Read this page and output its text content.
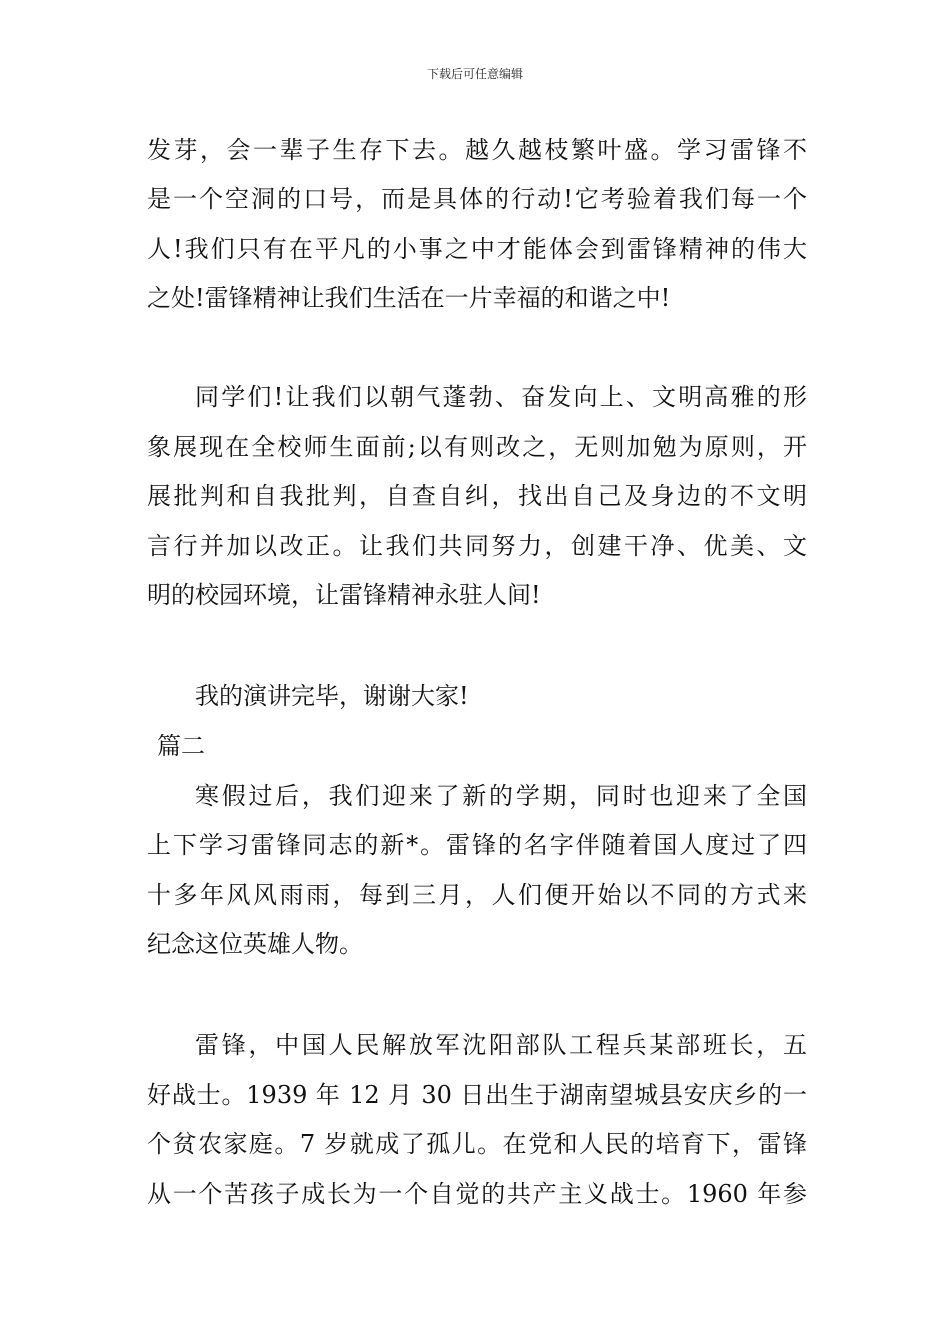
下载后可任意编辑
发芽，会一辈子生存下去。越久越枝繁叶盛。学习雷锋不
是一个空洞的口号，而是具体的行动!它考验着我们每一个
人!我们只有在平凡的小事之中才能体会到雷锋精神的伟大
之处!雷锋精神让我们生活在一片幸福的和谐之中!
同学们!让我们以朝气蓬勃、奋发向上、文明高雅的形
象展现在全校师生面前;以有则改之，无则加勉为原则，开
展批判和自我批判，自查自纠，找出自己及身边的不文明
言行并加以改正。让我们共同努力，创建干净、优美、文
明的校园环境，让雷锋精神永驻人间!
我的演讲完毕，谢谢大家!
篇二
寒假过后，我们迎来了新的学期，同时也迎来了全国
上下学习雷锋同志的新*。雷锋的名字伴随着国人度过了四
十多年风风雨雨，每到三月，人们便开始以不同的方式来
纪念这位英雄人物。
雷锋，中国人民解放军沈阳部队工程兵某部班长，五
好战士。1939 年 12 月 30 日出生于湖南望城县安庆乡的一
个贫农家庭。7 岁就成了孤儿。在党和人民的培育下，雷锋
从一个苦孩子成长为一个自觉的共产主义战士。1960 年参
